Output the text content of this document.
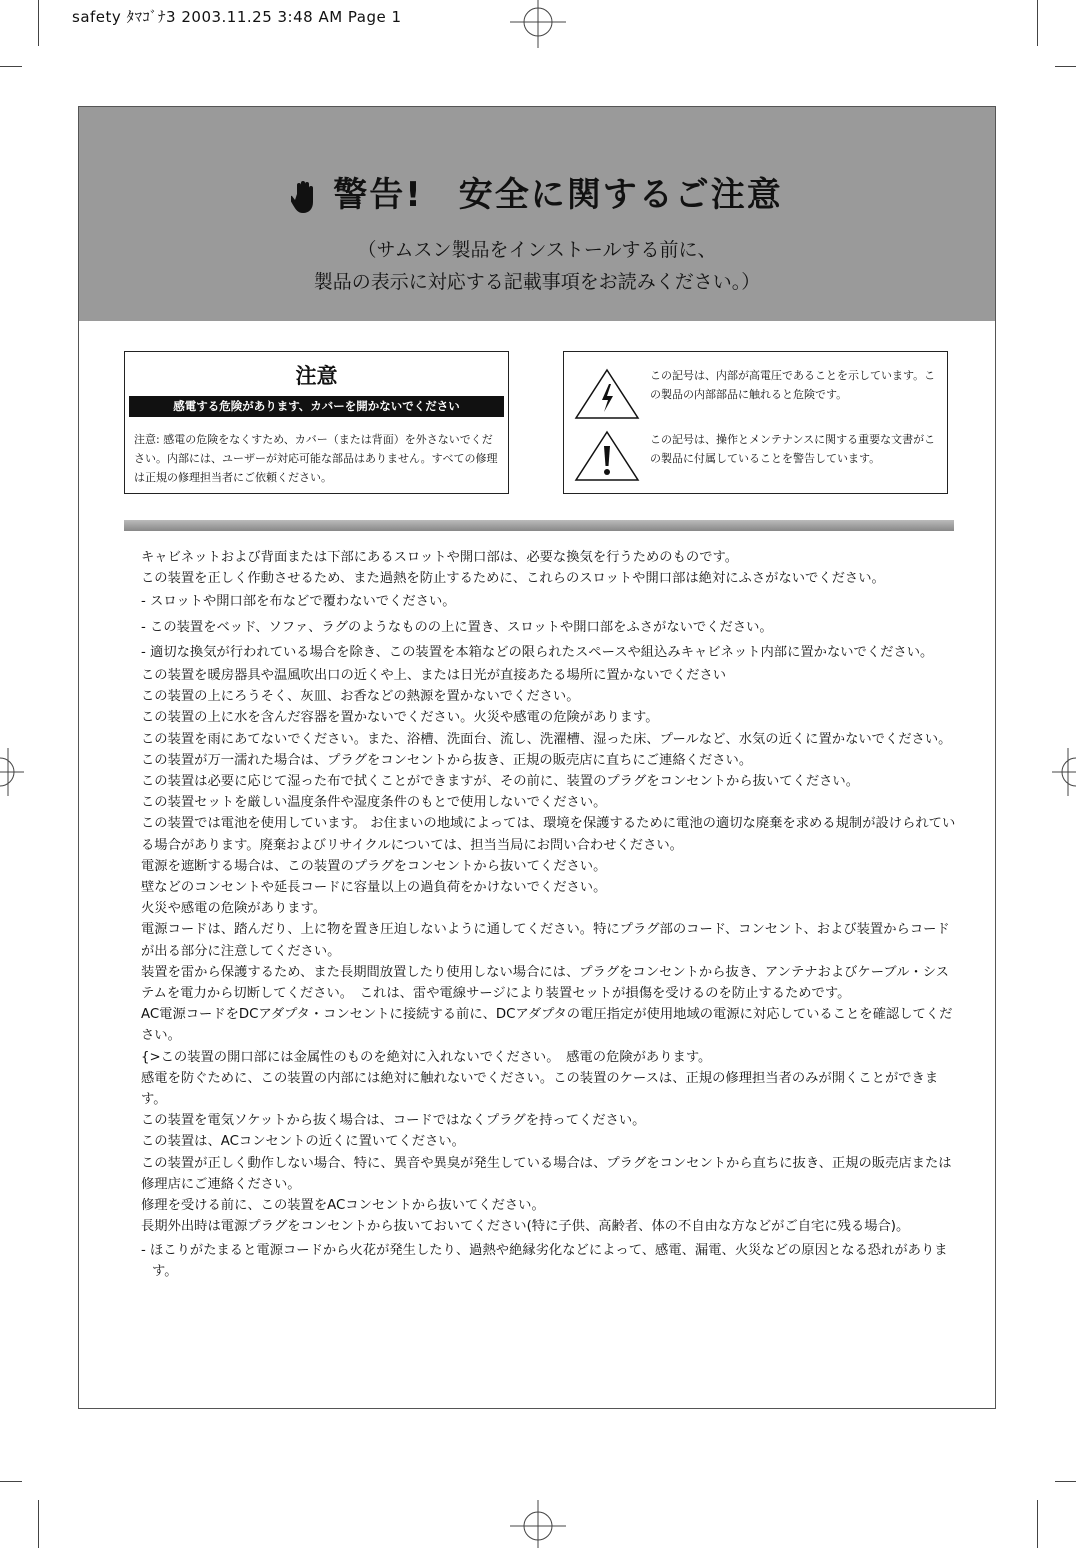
safety ﾀﾏｺﾞﾅ3 2003.11.25 3:48 AM Page 1
警告!　安全に関するご注意
（サムスン製品をインストールする前に、
製品の表示に対応する記載事項をお読みください。）
注意
感電する危険があります、カバーを開かないでください
注意: 感電の危険をなくすため、カバー（または背面）を外さないでください。内部には、ユーザーが対応可能な部品はありません。すべての修理は正規の修理担当者にご依頼ください。
この記号は、内部が高電圧であることを示しています。この製品の内部部品に触れると危険です。
この記号は、操作とメンテナンスに関する重要な文書がこの製品に付属していることを警告しています。

キャビネットおよび背面または下部にあるスロットや開口部は、必要な換気を行うためのものです。

この装置を正しく作動させるため、また過熱を防止するために、これらのスロットや開口部は絶対にふさがないでください。

- スロットや開口部を布などで覆わないでください。

- この装置をベッド、ソファ、ラグのようなものの上に置き、スロットや開口部をふさがないでください。

- 適切な換気が行われている場合を除き、この装置を本箱などの限られたスペースや組込みキャビネット内部に置かないでください。

この装置を暖房器具や温風吹出口の近くや上、または日光が直接あたる場所に置かないでください

この装置の上にろうそく、灰皿、お香などの熱源を置かないでください。

この装置の上に水を含んだ容器を置かないでください。火災や感電の危険があります。

この装置を雨にあてないでください。また、浴槽、洗面台、流し、洗濯槽、湿った床、プールなど、水気の近くに置かないでください。この装置が万一濡れた場合は、プラグをコンセントから抜き、正規の販売店に直ちにご連絡ください。

この装置は必要に応じて湿った布で拭くことができますが、その前に、装置のプラグをコンセントから抜いてください。

この装置セットを厳しい温度条件や湿度条件のもとで使用しないでください。

この装置では電池を使用しています。 お住まいの地域によっては、環境を保護するために電池の適切な廃棄を求める規制が設けられている場合があります。廃棄およびリサイクルについては、担当当局にお問い合わせください。

電源を遮断する場合は、この装置のプラグをコンセントから抜いてください。

壁などのコンセントや延長コードに容量以上の過負荷をかけないでください。

火災や感電の危険があります。

電源コードは、踏んだり、上に物を置き圧迫しないように通してください。特にプラグ部のコード、コンセント、および装置からコードが出る部分に注意してください。

装置を雷から保護するため、また長期間放置したり使用しない場合には、プラグをコンセントから抜き、アンテナおよびケーブル・システムを電力から切断してください。　これは、雷や電線サージにより装置セットが損傷を受けるのを防止するためです。

AC電源コードをDCアダプタ・コンセントに接続する前に、DCアダプタの電圧指定が使用地域の電源に対応していることを確認してください。

{>この装置の開口部には金属性のものを絶対に入れないでください。　感電の危険があります。

感電を防ぐために、この装置の内部には絶対に触れないでください。この装置のケースは、正規の修理担当者のみが開くことができます。

この装置を電気ソケットから抜く場合は、コードではなくプラグを持ってください。

この装置は、ACコンセントの近くに置いてください。

この装置が正しく動作しない場合、特に、異音や異臭が発生している場合は、プラグをコンセントから直ちに抜き、正規の販売店または修理店にご連絡ください。

修理を受ける前に、この装置をACコンセントから抜いてください。

長期外出時は電源プラグをコンセントから抜いておいてください(特に子供、高齢者、体の不自由な方などがご自宅に残る場合)。

- ほこりがたまると電源コードから火花が発生したり、過熱や絶縁劣化などによって、感電、漏電、火災などの原因となる恐れがあります。
